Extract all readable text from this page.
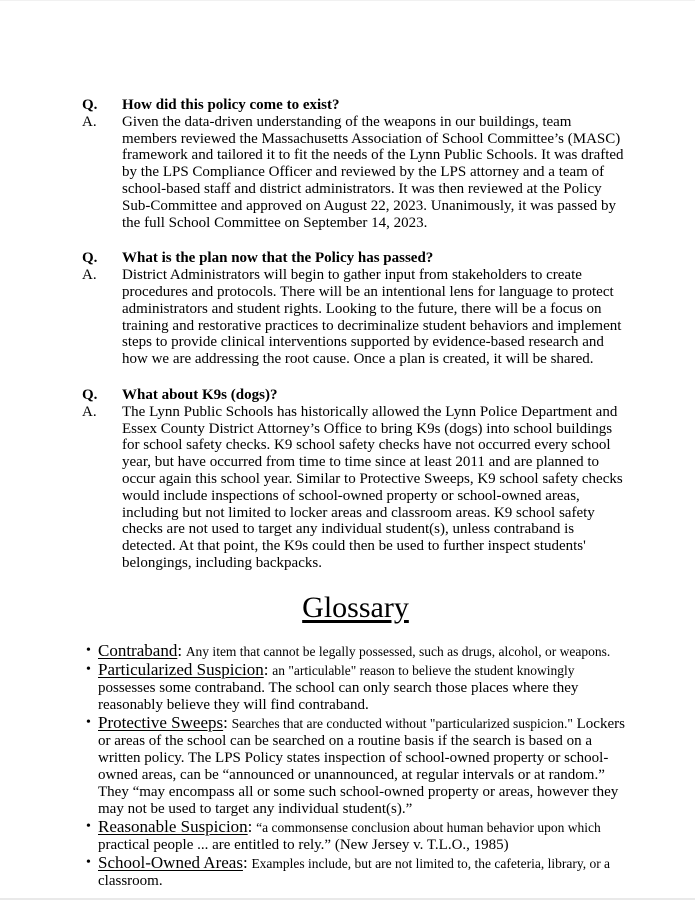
Q.	How did this policy come to exist?
A.	Given the data-driven understanding of the weapons in our buildings, team members reviewed the Massachusetts Association of School Committee’s (MASC) framework and tailored it to fit the needs of the Lynn Public Schools. It was drafted by the LPS Compliance Officer and reviewed by the LPS attorney and a team of school-based staff and district administrators. It was then reviewed at the Policy Sub-Committee and approved on August 22, 2023. Unanimously, it was passed by the full School Committee on September 14, 2023.
Q.	What is the plan now that the Policy has passed?
A.	District Administrators will begin to gather input from stakeholders to create procedures and protocols. There will be an intentional lens for language to protect administrators and student rights. Looking to the future, there will be a focus on training and restorative practices to decriminalize student behaviors and implement steps to provide clinical interventions supported by evidence-based research and how we are addressing the root cause. Once a plan is created, it will be shared.
Q.	What about K9s (dogs)?
A.	The Lynn Public Schools has historically allowed the Lynn Police Department and Essex County District Attorney’s Office to bring K9s (dogs) into school buildings for school safety checks. K9 school safety checks have not occurred every school year, but have occurred from time to time since at least 2011 and are planned to occur again this school year. Similar to Protective Sweeps, K9 school safety checks would include inspections of school-owned property or school-owned areas, including but not limited to locker areas and classroom areas. K9 school safety checks are not used to target any individual student(s), unless contraband is detected. At that point, the K9s could then be used to further inspect students' belongings, including backpacks.
Glossary
• Contraband: Any item that cannot be legally possessed, such as drugs, alcohol, or weapons.
• Particularized Suspicion: an "articulable" reason to believe the student knowingly possesses some contraband. The school can only search those places where they reasonably believe they will find contraband.
• Protective Sweeps: Searches that are conducted without "particularized suspicion." Lockers or areas of the school can be searched on a routine basis if the search is based on a written policy. The LPS Policy states inspection of school-owned property or school-owned areas, can be “announced or unannounced, at regular intervals or at random.” They “may encompass all or some such school-owned property or areas, however they may not be used to target any individual student(s).”
• Reasonable Suspicion: “a commonsense conclusion about human behavior upon which practical people ... are entitled to rely.” (New Jersey v. T.L.O., 1985)
• School-Owned Areas: Examples include, but are not limited to, the cafeteria, library, or a classroom.
